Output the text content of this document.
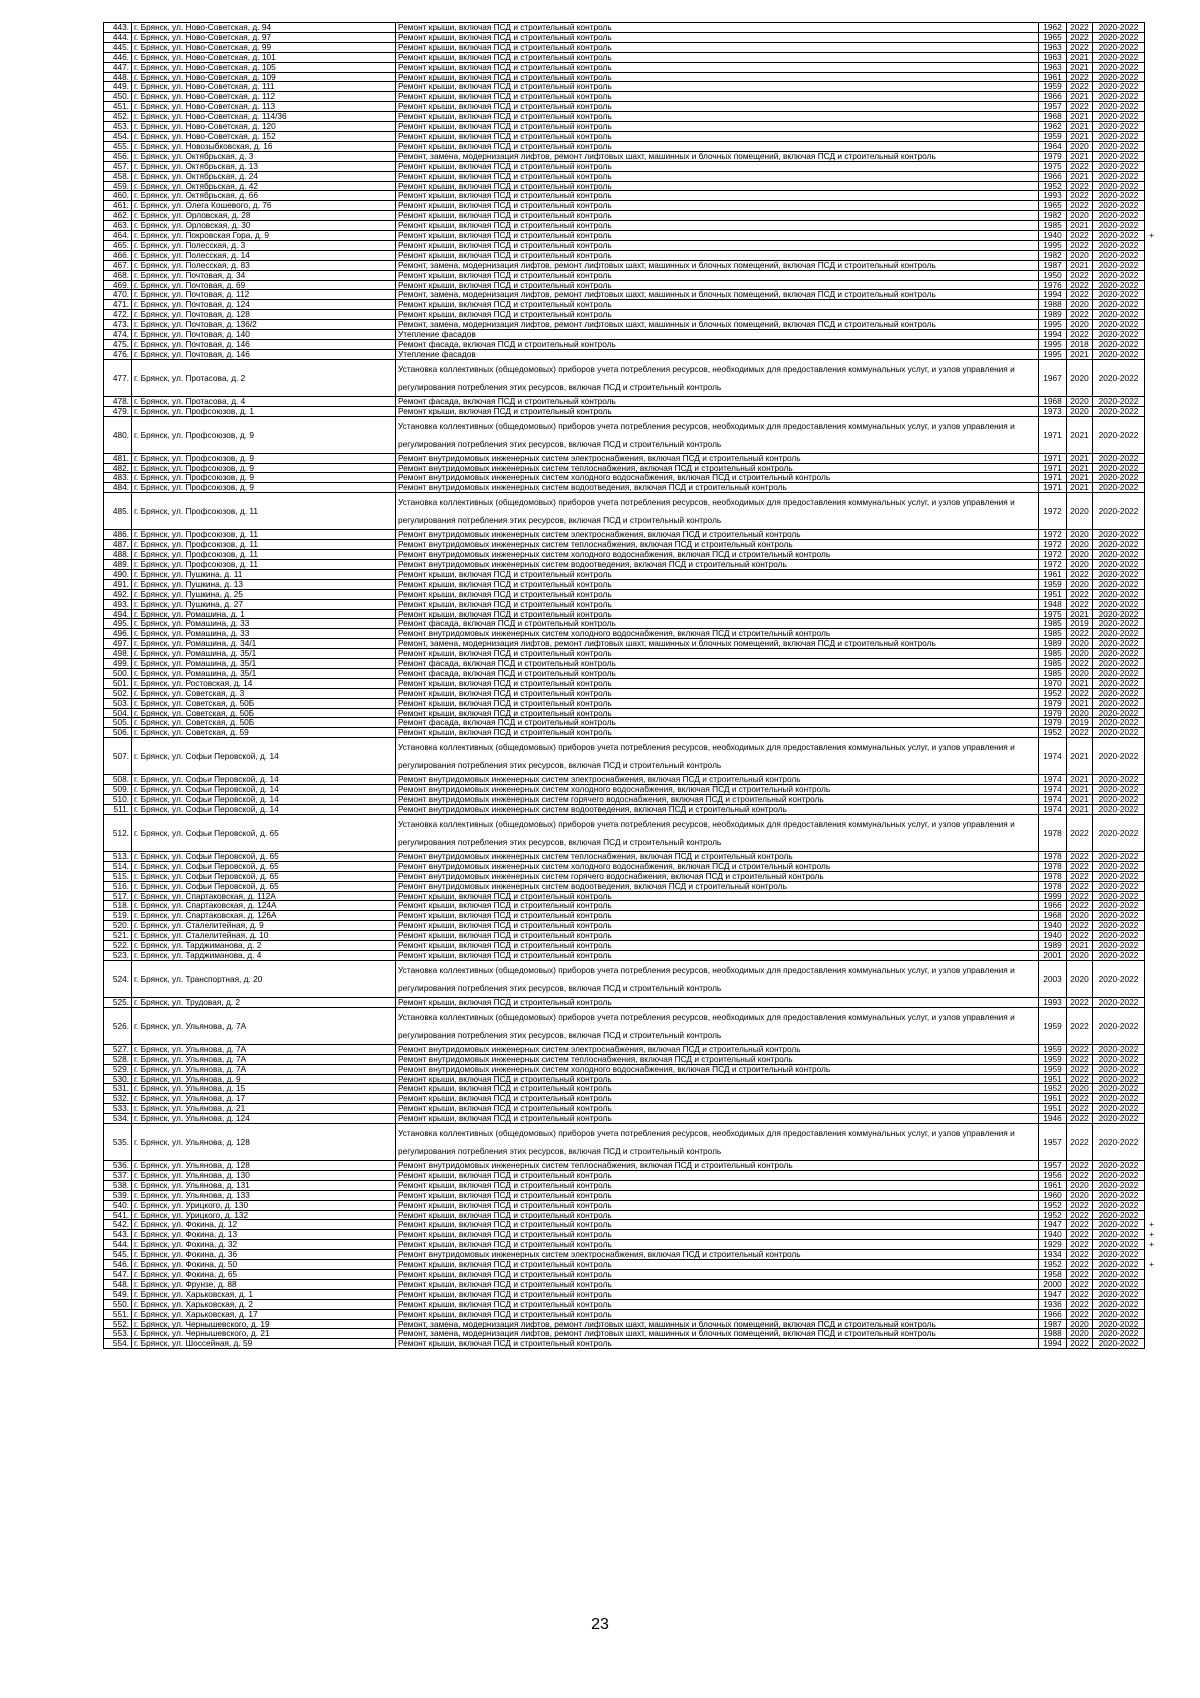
443.	г. Брянск, ул. Ново-Советская, д. 94	Ремонт крыши, включая ПСД и строительный контроль	1962	2022	2020-2022	
444.	г. Брянск, ул. Ново-Советская, д. 97	Ремонт крыши, включая ПСД и строительный контроль	1965	2022	2020-2022	
445.	г. Брянск, ул. Ново-Советская, д. 99	Ремонт крыши, включая ПСД и строительный контроль	1963	2022	2020-2022	
446.	г. Брянск, ул. Ново-Советская, д. 101	Ремонт крыши, включая ПСД и строительный контроль	1963	2021	2020-2022	
447.	г. Брянск, ул. Ново-Советская, д. 105	Ремонт крыши, включая ПСД и строительный контроль	1963	2021	2020-2022	
448.	г. Брянск, ул. Ново-Советская, д. 109	Ремонт крыши, включая ПСД и строительный контроль	1961	2022	2020-2022	
449.	г. Брянск, ул. Ново-Советская, д. 111	Ремонт крыши, включая ПСД и строительный контроль	1959	2022	2020-2022	
450.	г. Брянск, ул. Ново-Советская, д. 112	Ремонт крыши, включая ПСД и строительный контроль	1966	2021	2020-2022	
451.	г. Брянск, ул. Ново-Советская, д. 113	Ремонт крыши, включая ПСД и строительный контроль	1957	2022	2020-2022	
452.	г. Брянск, ул. Ново-Советская, д. 114/36	Ремонт крыши, включая ПСД и строительный контроль	1968	2021	2020-2022	
453.	г. Брянск, ул. Ново-Советская, д. 120	Ремонт крыши, включая ПСД и строительный контроль	1962	2021	2020-2022	
454.	г. Брянск, ул. Ново-Советская, д. 152	Ремонт крыши, включая ПСД и строительный контроль	1959	2021	2020-2022	
455.	г. Брянск, ул. Новозыбковская, д. 16	Ремонт крыши, включая ПСД и строительный контроль	1964	2020	2020-2022	
456.	г. Брянск, ул. Октябрьская, д. 3	Ремонт, замена, модернизация лифтов, ремонт лифтовых шахт, машинных и блочных помещений, включая ПСД и строительный контроль	1979	2021	2020-2022	
457.	г. Брянск, ул. Октябрьская, д. 13	Ремонт крыши, включая ПСД и строительный контроль	1975	2022	2020-2022	
458.	г. Брянск, ул. Октябрьская, д. 24	Ремонт крыши, включая ПСД и строительный контроль	1966	2021	2020-2022	
459.	г. Брянск, ул. Октябрьская, д. 42	Ремонт крыши, включая ПСД и строительный контроль	1952	2022	2020-2022	
460.	г. Брянск, ул. Октябрьская, д. 66	Ремонт крыши, включая ПСД и строительный контроль	1993	2022	2020-2022	
461.	г. Брянск, ул. Олега Кошевого, д. 76	Ремонт крыши, включая ПСД и строительный контроль	1965	2022	2020-2022	
462.	г. Брянск, ул. Орловская, д. 28	Ремонт крыши, включая ПСД и строительный контроль	1982	2020	2020-2022	
463.	г. Брянск, ул. Орловская, д. 30	Ремонт крыши, включая ПСД и строительный контроль	1985	2021	2020-2022	
464.	г. Брянск, ул. Покровская Гора, д. 9	Ремонт крыши, включая ПСД и строительный контроль	1940	2022	2020-2022	+
465.	г. Брянск, ул. Полесская, д. 3	Ремонт крыши, включая ПСД и строительный контроль	1995	2022	2020-2022	
466.	г. Брянск, ул. Полесская, д. 14	Ремонт крыши, включая ПСД и строительный контроль	1982	2020	2020-2022	
467.	г. Брянск, ул. Полесская, д. 83	Ремонт, замена, модернизация лифтов, ремонт лифтовых шахт, машинных и блочных помещений, включая ПСД и строительный контроль	1987	2021	2020-2022	
468.	г. Брянск, ул. Почтовая, д. 34	Ремонт крыши, включая ПСД и строительный контроль	1950	2022	2020-2022	
469.	г. Брянск, ул. Почтовая, д. 69	Ремонт крыши, включая ПСД и строительный контроль	1976	2022	2020-2022	
470.	г. Брянск, ул. Почтовая, д. 112	Ремонт, замена, модернизация лифтов, ремонт лифтовых шахт, машинных и блочных помещений, включая ПСД и строительный контроль	1994	2022	2020-2022	
471.	г. Брянск, ул. Почтовая, д. 124	Ремонт крыши, включая ПСД и строительный контроль	1988	2020	2020-2022	
472.	г. Брянск, ул. Почтовая, д. 128	Ремонт крыши, включая ПСД и строительный контроль	1989	2022	2020-2022	
473.	г. Брянск, ул. Почтовая, д. 136/2	Ремонт, замена, модернизация лифтов, ремонт лифтовых шахт, машинных и блочных помещений, включая ПСД и строительный контроль	1995	2020	2020-2022	
474.	г. Брянск, ул. Почтовая, д. 140	Утепление фасадов	1994	2022	2020-2022	
475.	г. Брянск, ул. Почтовая, д. 146	Ремонт фасада, включая ПСД и строительный контроль	1995	2018	2020-2022	
476.	г. Брянск, ул. Почтовая, д. 146	Утепление фасадов	1995	2021	2020-2022	
477.	г. Брянск, ул. Протасова, д. 2	Установка коллективных (общедомовых) приборов учета потребления ресурсов, необходимых для предоставления коммунальных услуг, и узлов управления и регулирования потребления этих ресурсов, включая ПСД и строительный контроль	1967	2020	2020-2022	
478.	г. Брянск, ул. Протасова, д. 4	Ремонт фасада, включая ПСД и строительный контроль	1968	2020	2020-2022	
479.	г. Брянск, ул. Профсоюзов, д. 1	Ремонт крыши, включая ПСД и строительный контроль	1973	2020	2020-2022	
480.	г. Брянск, ул. Профсоюзов, д. 9	Установка коллективных (общедомовых) приборов учета потребления ресурсов, необходимых для предоставления коммунальных услуг, и узлов управления и регулирования потребления этих ресурсов, включая ПСД и строительный контроль	1971	2021	2020-2022	
481.	г. Брянск, ул. Профсоюзов, д. 9	Ремонт внутридомовых инженерных систем электроснабжения, включая ПСД и строительный контроль	1971	2021	2020-2022	
482.	г. Брянск, ул. Профсоюзов, д. 9	Ремонт внутридомовых инженерных систем теплоснабжения, включая ПСД и строительный контроль	1971	2021	2020-2022	
483.	г. Брянск, ул. Профсоюзов, д. 9	Ремонт внутридомовых инженерных систем холодного водоснабжения, включая ПСД и строительный контроль	1971	2021	2020-2022	
484.	г. Брянск, ул. Профсоюзов, д. 9	Ремонт внутридомовых инженерных систем водоотведения, включая ПСД и строительный контроль	1971	2021	2020-2022	
485.	г. Брянск, ул. Профсоюзов, д. 11	Установка коллективных (общедомовых) приборов учета потребления ресурсов, необходимых для предоставления коммунальных услуг, и узлов управления и регулирования потребления этих ресурсов, включая ПСД и строительный контроль	1972	2020	2020-2022	
486.	г. Брянск, ул. Профсоюзов, д. 11	Ремонт внутридомовых инженерных систем электроснабжения, включая ПСД и строительный контроль	1972	2020	2020-2022	
487.	г. Брянск, ул. Профсоюзов, д. 11	Ремонт внутридомовых инженерных систем теплоснабжения, включая ПСД и строительный контроль	1972	2020	2020-2022	
488.	г. Брянск, ул. Профсоюзов, д. 11	Ремонт внутридомовых инженерных систем холодного водоснабжения, включая ПСД и строительный контроль	1972	2020	2020-2022	
489.	г. Брянск, ул. Профсоюзов, д. 11	Ремонт внутридомовых инженерных систем водоотведения, включая ПСД и строительный контроль	1972	2020	2020-2022	
490.	г. Брянск, ул. Пушкина, д. 11	Ремонт крыши, включая ПСД и строительный контроль	1961	2022	2020-2022	
491.	г. Брянск, ул. Пушкина, д. 13	Ремонт крыши, включая ПСД и строительный контроль	1959	2020	2020-2022	
492.	г. Брянск, ул. Пушкина, д. 25	Ремонт крыши, включая ПСД и строительный контроль	1951	2022	2020-2022	
493.	г. Брянск, ул. Пушкина, д. 27	Ремонт крыши, включая ПСД и строительный контроль	1948	2022	2020-2022	
494.	г. Брянск, ул. Ромашина, д. 1	Ремонт крыши, включая ПСД и строительный контроль	1975	2021	2020-2022	
495.	г. Брянск, ул. Ромашина, д. 33	Ремонт фасада, включая ПСД и строительный контроль	1985	2019	2020-2022	
496.	г. Брянск, ул. Ромашина, д. 33	Ремонт внутридомовых инженерных систем холодного водоснабжения, включая ПСД и строительный контроль	1985	2022	2020-2022	
497.	г. Брянск, ул. Ромашина, д. 34/1	Ремонт, замена, модернизация лифтов, ремонт лифтовых шахт, машинных и блочных помещений, включая ПСД и строительный контроль	1989	2020	2020-2022	
498.	г. Брянск, ул. Ромашина, д. 35/1	Ремонт крыши, включая ПСД и строительный контроль	1985	2020	2020-2022	
499.	г. Брянск, ул. Ромашина, д. 35/1	Ремонт фасада, включая ПСД и строительный контроль	1985	2022	2020-2022	
500.	г. Брянск, ул. Ромашина, д. 35/1	Ремонт фасада, включая ПСД и строительный контроль	1985	2020	2020-2022	
501.	г. Брянск, ул. Ростовская, д. 14	Ремонт крыши, включая ПСД и строительный контроль	1970	2021	2020-2022	
502.	г. Брянск, ул. Советская, д. 3	Ремонт крыши, включая ПСД и строительный контроль	1952	2022	2020-2022	
503.	г. Брянск, ул. Советская, д. 50Б	Ремонт крыши, включая ПСД и строительный контроль	1979	2021	2020-2022	
504.	г. Брянск, ул. Советская, д. 50Б	Ремонт крыши, включая ПСД и строительный контроль	1979	2020	2020-2022	
505.	г. Брянск, ул. Советская, д. 50Б	Ремонт фасада, включая ПСД и строительный контроль	1979	2019	2020-2022	
506.	г. Брянск, ул. Советская, д. 59	Ремонт крыши, включая ПСД и строительный контроль	1952	2022	2020-2022	
507.	г. Брянск, ул. Софьи Перовской, д. 14	Установка коллективных (общедомовых) приборов учета потребления ресурсов, необходимых для предоставления коммунальных услуг, и узлов управления и регулирования потребления этих ресурсов, включая ПСД и строительный контроль	1974	2021	2020-2022	
508.	г. Брянск, ул. Софьи Перовской, д. 14	Ремонт внутридомовых инженерных систем электроснабжения, включая ПСД и строительный контроль	1974	2021	2020-2022	
509.	г. Брянск, ул. Софьи Перовской, д. 14	Ремонт внутридомовых инженерных систем холодного водоснабжения, включая ПСД и строительный контроль	1974	2021	2020-2022	
510.	г. Брянск, ул. Софьи Перовской, д. 14	Ремонт внутридомовых инженерных систем горячего водоснабжения, включая ПСД и строительный контроль	1974	2021	2020-2022	
511.	г. Брянск, ул. Софьи Перовской, д. 14	Ремонт внутридомовых инженерных систем водоотведения, включая ПСД и строительный контроль	1974	2021	2020-2022	
512.	г. Брянск, ул. Софьи Перовской, д. 65	Установка коллективных (общедомовых) приборов учета потребления ресурсов, необходимых для предоставления коммунальных услуг, и узлов управления и регулирования потребления этих ресурсов, включая ПСД и строительный контроль	1978	2022	2020-2022	
513.	г. Брянск, ул. Софьи Перовской, д. 65	Ремонт внутридомовых инженерных систем теплоснабжения, включая ПСД и строительный контроль	1978	2022	2020-2022	
514.	г. Брянск, ул. Софьи Перовской, д. 65	Ремонт внутридомовых инженерных систем холодного водоснабжения, включая ПСД и строительный контроль	1978	2022	2020-2022	
515.	г. Брянск, ул. Софьи Перовской, д. 65	Ремонт внутридомовых инженерных систем горячего водоснабжения, включая ПСД и строительный контроль	1978	2022	2020-2022	
516.	г. Брянск, ул. Софьи Перовской, д. 65	Ремонт внутридомовых инженерных систем водоотведения, включая ПСД и строительный контроль	1978	2022	2020-2022	
517.	г. Брянск, ул. Спартаковская, д. 112А	Ремонт крыши, включая ПСД и строительный контроль	1999	2022	2020-2022	
518.	г. Брянск, ул. Спартаковская, д. 124А	Ремонт крыши, включая ПСД и строительный контроль	1966	2022	2020-2022	
519.	г. Брянск, ул. Спартаковская, д. 126А	Ремонт крыши, включая ПСД и строительный контроль	1968	2020	2020-2022	
520.	г. Брянск, ул. Сталелитейная, д. 9	Ремонт крыши, включая ПСД и строительный контроль	1940	2022	2020-2022	
521.	г. Брянск, ул. Сталелитейная, д. 10	Ремонт крыши, включая ПСД и строительный контроль	1940	2022	2020-2022	
522.	г. Брянск, ул. Тарджиманова, д. 2	Ремонт крыши, включая ПСД и строительный контроль	1989	2021	2020-2022	
523.	г. Брянск, ул. Тарджиманова, д. 4	Ремонт крыши, включая ПСД и строительный контроль	2001	2020	2020-2022	
524.	г. Брянск, ул. Транспортная, д. 20	Установка коллективных (общедомовых) приборов учета потребления ресурсов, необходимых для предоставления коммунальных услуг, и узлов управления и регулирования потребления этих ресурсов, включая ПСД и строительный контроль	2003	2020	2020-2022	
525.	г. Брянск, ул. Трудовая, д. 2	Ремонт крыши, включая ПСД и строительный контроль	1993	2022	2020-2022	
526.	г. Брянск, ул. Ульянова, д. 7А	Установка коллективных (общедомовых) приборов учета потребления ресурсов, необходимых для предоставления коммунальных услуг, и узлов управления и регулирования потребления этих ресурсов, включая ПСД и строительный контроль	1959	2022	2020-2022	
527.	г. Брянск, ул. Ульянова, д. 7А	Ремонт внутридомовых инженерных систем электроснабжения, включая ПСД и строительный контроль	1959	2022	2020-2022	
528.	г. Брянск, ул. Ульянова, д. 7А	Ремонт внутридомовых инженерных систем теплоснабжения, включая ПСД и строительный контроль	1959	2022	2020-2022	
529.	г. Брянск, ул. Ульянова, д. 7А	Ремонт внутридомовых инженерных систем холодного водоснабжения, включая ПСД и строительный контроль	1959	2022	2020-2022	
530.	г. Брянск, ул. Ульянова, д. 9	Ремонт крыши, включая ПСД и строительный контроль	1951	2022	2020-2022	
531.	г. Брянск, ул. Ульянова, д. 15	Ремонт крыши, включая ПСД и строительный контроль	1952	2020	2020-2022	
532.	г. Брянск, ул. Ульянова, д. 17	Ремонт крыши, включая ПСД и строительный контроль	1951	2022	2020-2022	
533.	г. Брянск, ул. Ульянова, д. 21	Ремонт крыши, включая ПСД и строительный контроль	1951	2022	2020-2022	
534.	г. Брянск, ул. Ульянова, д. 124	Ремонт крыши, включая ПСД и строительный контроль	1946	2022	2020-2022	
535.	г. Брянск, ул. Ульянова, д. 128	Установка коллективных (общедомовых) приборов учета потребления ресурсов, необходимых для предоставления коммунальных услуг, и узлов управления и регулирования потребления этих ресурсов, включая ПСД и строительный контроль	1957	2022	2020-2022	
536.	г. Брянск, ул. Ульянова, д. 128	Ремонт внутридомовых инженерных систем теплоснабжения, включая ПСД и строительный контроль	1957	2022	2020-2022	
537.	г. Брянск, ул. Ульянова, д. 130	Ремонт крыши, включая ПСД и строительный контроль	1956	2022	2020-2022	
538.	г. Брянск, ул. Ульянова, д. 131	Ремонт крыши, включая ПСД и строительный контроль	1961	2020	2020-2022	
539.	г. Брянск, ул. Ульянова, д. 133	Ремонт крыши, включая ПСД и строительный контроль	1960	2020	2020-2022	
540.	г. Брянск, ул. Урицкого, д. 130	Ремонт крыши, включая ПСД и строительный контроль	1952	2022	2020-2022	
541.	г. Брянск, ул. Урицкого, д. 132	Ремонт крыши, включая ПСД и строительный контроль	1952	2022	2020-2022	
542.	г. Брянск, ул. Фокина, д. 12	Ремонт крыши, включая ПСД и строительный контроль	1947	2022	2020-2022	+
543.	г. Брянск, ул. Фокина, д. 13	Ремонт крыши, включая ПСД и строительный контроль	1940	2022	2020-2022	+
544.	г. Брянск, ул. Фокина, д. 32	Ремонт крыши, включая ПСД и строительный контроль	1929	2022	2020-2022	+
545.	г. Брянск, ул. Фокина, д. 36	Ремонт внутридомовых инженерных систем электроснабжения, включая ПСД и строительный контроль	1934	2022	2020-2022	
546.	г. Брянск, ул. Фокина, д. 50	Ремонт крыши, включая ПСД и строительный контроль	1952	2022	2020-2022	+
547.	г. Брянск, ул. Фокина, д. 65	Ремонт крыши, включая ПСД и строительный контроль	1958	2022	2020-2022	
548.	г. Брянск, ул. Фрунзе, д. 88	Ремонт крыши, включая ПСД и строительный контроль	2000	2022	2020-2022	
549.	г. Брянск, ул. Харьковская, д. 1	Ремонт крыши, включая ПСД и строительный контроль	1947	2022	2020-2022	
550.	г. Брянск, ул. Харьковская, д. 2	Ремонт крыши, включая ПСД и строительный контроль	1936	2022	2020-2022	
551.	г. Брянск, ул. Харьковская, д. 17	Ремонт крыши, включая ПСД и строительный контроль	1966	2022	2020-2022	
552.	г. Брянск, ул. Чернышевского, д. 19	Ремонт, замена, модернизация лифтов, ремонт лифтовых шахт, машинных и блочных помещений, включая ПСД и строительный контроль	1987	2020	2020-2022	
553.	г. Брянск, ул. Чернышевского, д. 21	Ремонт, замена, модернизация лифтов, ремонт лифтовых шахт, машинных и блочных помещений, включая ПСД и строительный контроль	1988	2020	2020-2022	
554.	г. Брянск, ул. Шоссейная, д. 59	Ремонт крыши, включая ПСД и строительный контроль	1994	2022	2020-2022	
23
